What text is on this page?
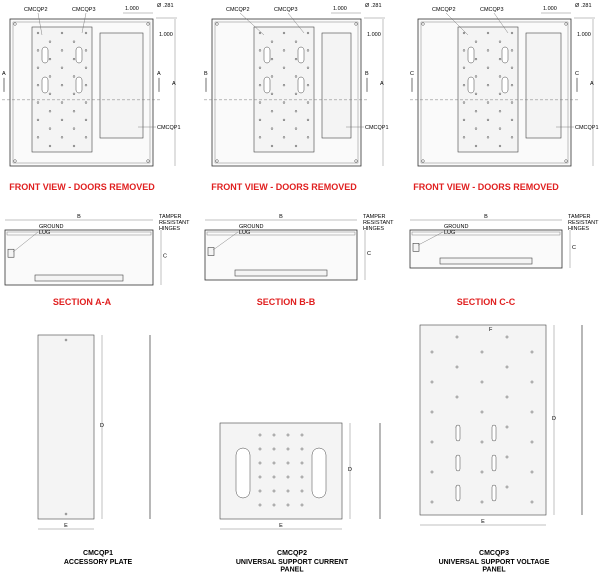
A	A
CMCQP2	CMCQP3
CMCQP1
1.000	Ø .281
1.000
A
FRONT VIEW - DOORS REMOVED
B	B
CMCQP2	CMCQP3
CMCQP1
1.000	Ø .281
1.000
A
FRONT VIEW - DOORS REMOVED
C	C
CMCQP2	CMCQP3
CMCQP1
1.000	Ø .281
1.000
A
FRONT VIEW - DOORS REMOVED
B
C
GROUND LUG
TAMPER RESISTANT HINGES
SECTION A-A
B
C
GROUND LUG
TAMPER RESISTANT HINGES
SECTION B-B
B
C
GROUND LUG
TAMPER RESISTANT HINGES
SECTION C-C
E
D
CMCQP1
ACCESSORY PLATE
E
D
CMCQP2
UNIVERSAL SUPPORT CURRENT PANEL
F
E
D
CMCQP3
UNIVERSAL SUPPORT VOLTAGE PANEL
